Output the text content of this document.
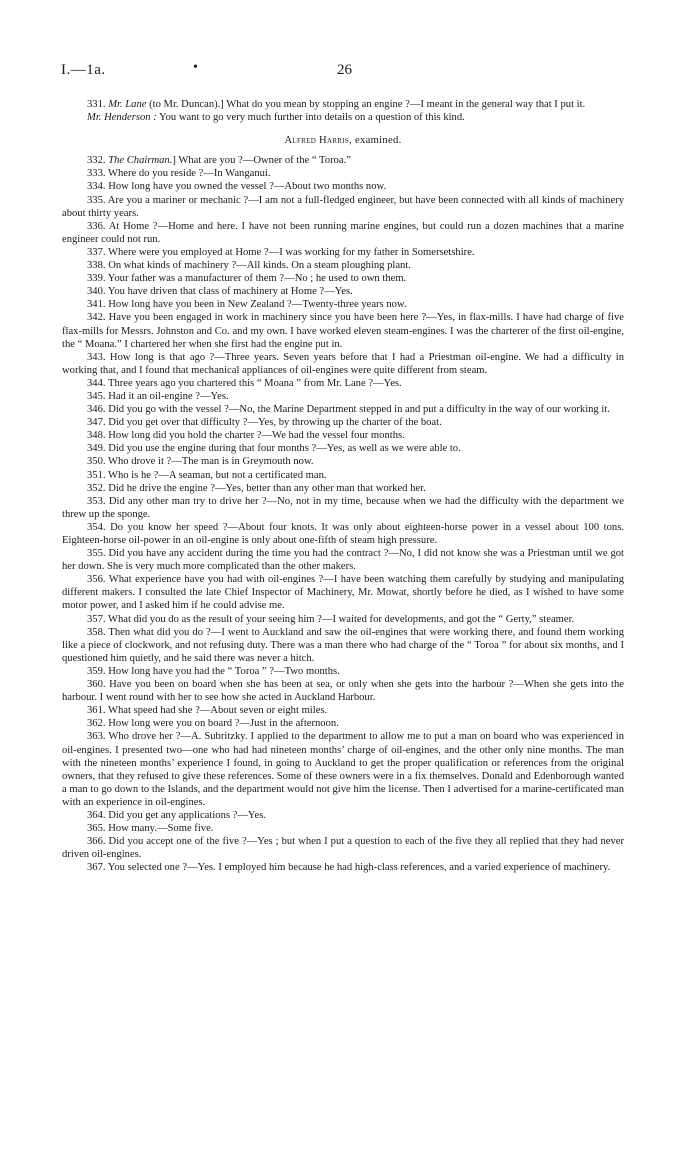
I.—1a.	•	26

331. Mr. Lane (to Mr. Duncan).] What do you mean by stopping an engine ?—I meant in the general way that I put it.

Mr. Henderson : You want to go very much further into details on a question of this kind.

Alfred Harris, examined.

332. The Chairman.] What are you ?—Owner of the “ Toroa.”

333. Where do you reside ?—In Wanganui.

334. How long have you owned the vessel ?—About two months now.

335. Are you a mariner or mechanic ?—I am not a full-fledged engineer, but have been connected with all kinds of machinery about thirty years.

336. At Home ?—Home and here. I have not been running marine engines, but could run a dozen machines that a marine engineer could not run.

337. Where were you employed at Home ?—I was working for my father in Somersetshire.

338. On what kinds of machinery ?—All kinds. On a steam ploughing plant.

339. Your father was a manufacturer of them ?—No ; he used to own them.

340. You have driven that class of machinery at Home ?—Yes.

341. How long have you been in New Zealand ?—Twenty-three years now.

342. Have you been engaged in work in machinery since you have been here ?—Yes, in flax-mills. I have had charge of five flax-mills for Messrs. Johnston and Co. and my own. I have worked eleven steam-engines. I was the charterer of the first oil-engine, the “ Moana.” I chartered her when she first had the engine put in.

343. How long is that ago ?—Three years. Seven years before that I had a Priestman oil-engine. We had a difficulty in working that, and I found that mechanical appliances of oil-engines were quite different from steam.

344. Three years ago you chartered this “ Moana ” from Mr. Lane ?—Yes.

345. Had it an oil-engine ?—Yes.

346. Did you go with the vessel ?—No, the Marine Department stepped in and put a difficulty in the way of our working it.

347. Did you get over that difficulty ?—Yes, by throwing up the charter of the boat.

348. How long did you hold the charter ?—We had the vessel four months.

349. Did you use the engine during that four months ?—Yes, as well as we were able to.

350. Who drove it ?—The man is in Greymouth now.

351. Who is he ?—A seaman, but not a certificated man.

352. Did he drive the engine ?—Yes, better than any other man that worked her.

353. Did any other man try to drive her ?—No, not in my time, because when we had the difficulty with the department we threw up the sponge.

354. Do you know her speed ?—About four knots. It was only about eighteen-horse power in a vessel about 100 tons. Eighteen-horse oil-power in an oil-engine is only about one-fifth of steam high pressure.

355. Did you have any accident during the time you had the contract ?—No, I did not know she was a Priestman until we got her down. She is very much more complicated than the other makers.

356. What experience have you had with oil-engines ?—I have been watching them carefully by studying and manipulating different makers. I consulted the late Chief Inspector of Machinery, Mr. Mowat, shortly before he died, as I wished to have some motor power, and I asked him if he could advise me.

357. What did you do as the result of your seeing him ?—I waited for developments, and got the “ Gerty,” steamer.

358. Then what did you do ?—I went to Auckland and saw the oil-engines that were working there, and found them working like a piece of clockwork, and not refusing duty. There was a man there who had charge of the “ Toroa ” for about six months, and I questioned him quietly, and he said there was never a hitch.

359. How long have you had the “ Toroa ” ?—Two months.

360. Have you been on board when she has been at sea, or only when she gets into the harbour ?—When she gets into the harbour. I went round with her to see how she acted in Auckland Harbour.

361. What speed had she ?—About seven or eight miles.

362. How long were you on board ?—Just in the afternoon.

363. Who drove her ?—A. Subritzky. I applied to the department to allow me to put a man on board who was experienced in oil-engines. I presented two—one who had had nineteen months’ charge of oil-engines, and the other only nine months. The man with the nineteen months’ experience I found, in going to Auckland to get the proper qualification or references from the original owners, that they refused to give these references. Some of these owners were in a fix themselves. Donald and Edenborough wanted a man to go down to the Islands, and the department would not give him the license. Then I advertised for a marine-certificated man with an experience in oil-engines.

364. Did you get any applications ?—Yes.

365. How many.—Some five.

366. Did you accept one of the five ?—Yes ; but when I put a question to each of the five they all replied that they had never driven oil-engines.

367. You selected one ?—Yes. I employed him because he had high-class references, and a varied experience of machinery.
